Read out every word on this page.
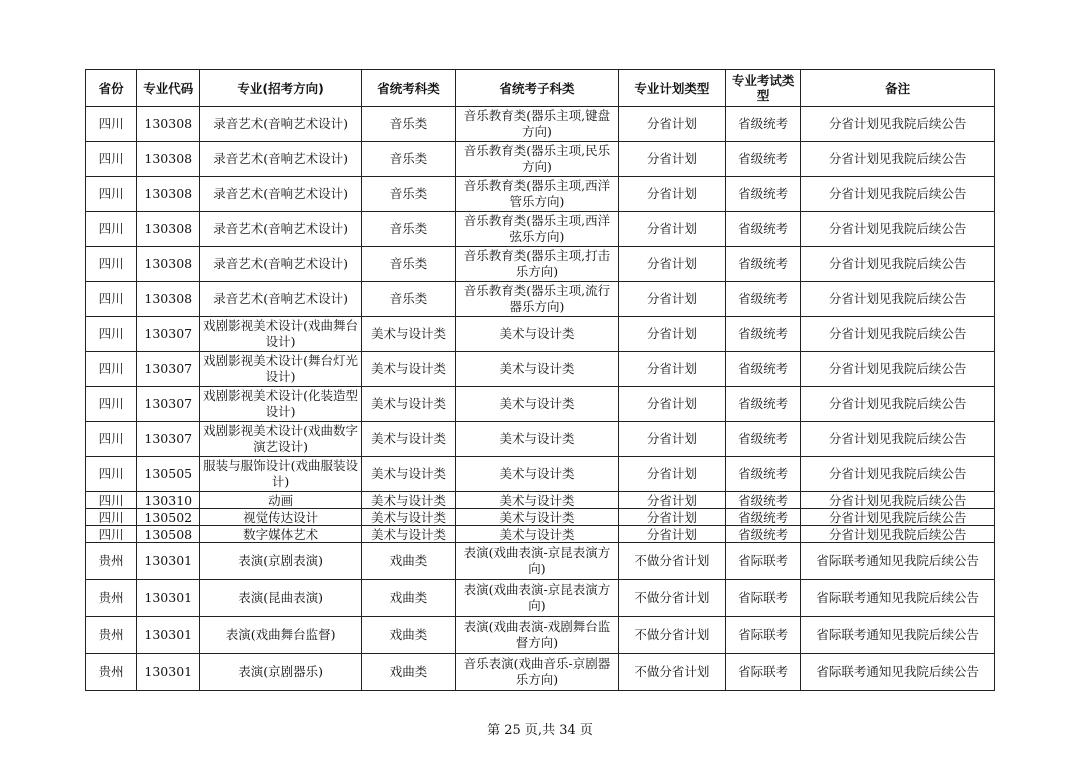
省份	专业代码	专业(招考方向)	省统考科类	省统考子科类	专业计划类型	专业考试类型	备注
四川	130308	录音艺术(音响艺术设计)	音乐类	音乐教育类(器乐主项,键盘方向)	分省计划	省级统考	分省计划见我院后续公告
四川	130308	录音艺术(音响艺术设计)	音乐类	音乐教育类(器乐主项,民乐方向)	分省计划	省级统考	分省计划见我院后续公告
四川	130308	录音艺术(音响艺术设计)	音乐类	音乐教育类(器乐主项,西洋管乐方向)	分省计划	省级统考	分省计划见我院后续公告
四川	130308	录音艺术(音响艺术设计)	音乐类	音乐教育类(器乐主项,西洋弦乐方向)	分省计划	省级统考	分省计划见我院后续公告
四川	130308	录音艺术(音响艺术设计)	音乐类	音乐教育类(器乐主项,打击乐方向)	分省计划	省级统考	分省计划见我院后续公告
四川	130308	录音艺术(音响艺术设计)	音乐类	音乐教育类(器乐主项,流行器乐方向)	分省计划	省级统考	分省计划见我院后续公告
四川	130307	戏剧影视美术设计(戏曲舞台设计)	美术与设计类	美术与设计类	分省计划	省级统考	分省计划见我院后续公告
四川	130307	戏剧影视美术设计(舞台灯光设计)	美术与设计类	美术与设计类	分省计划	省级统考	分省计划见我院后续公告
四川	130307	戏剧影视美术设计(化装造型设计)	美术与设计类	美术与设计类	分省计划	省级统考	分省计划见我院后续公告
四川	130307	戏剧影视美术设计(戏曲数字演艺设计)	美术与设计类	美术与设计类	分省计划	省级统考	分省计划见我院后续公告
四川	130505	服装与服饰设计(戏曲服装设计)	美术与设计类	美术与设计类	分省计划	省级统考	分省计划见我院后续公告
四川	130310	动画	美术与设计类	美术与设计类	分省计划	省级统考	分省计划见我院后续公告
四川	130502	视觉传达设计	美术与设计类	美术与设计类	分省计划	省级统考	分省计划见我院后续公告
四川	130508	数字媒体艺术	美术与设计类	美术与设计类	分省计划	省级统考	分省计划见我院后续公告
贵州	130301	表演(京剧表演)	戏曲类	表演(戏曲表演-京昆表演方向)	不做分省计划	省际联考	省际联考通知见我院后续公告
贵州	130301	表演(昆曲表演)	戏曲类	表演(戏曲表演-京昆表演方向)	不做分省计划	省际联考	省际联考通知见我院后续公告
贵州	130301	表演(戏曲舞台监督)	戏曲类	表演(戏曲表演-戏剧舞台监督方向)	不做分省计划	省际联考	省际联考通知见我院后续公告
贵州	130301	表演(京剧器乐)	戏曲类	音乐表演(戏曲音乐-京剧器乐方向)	不做分省计划	省际联考	省际联考通知见我院后续公告
第 25 页,共 34 页
